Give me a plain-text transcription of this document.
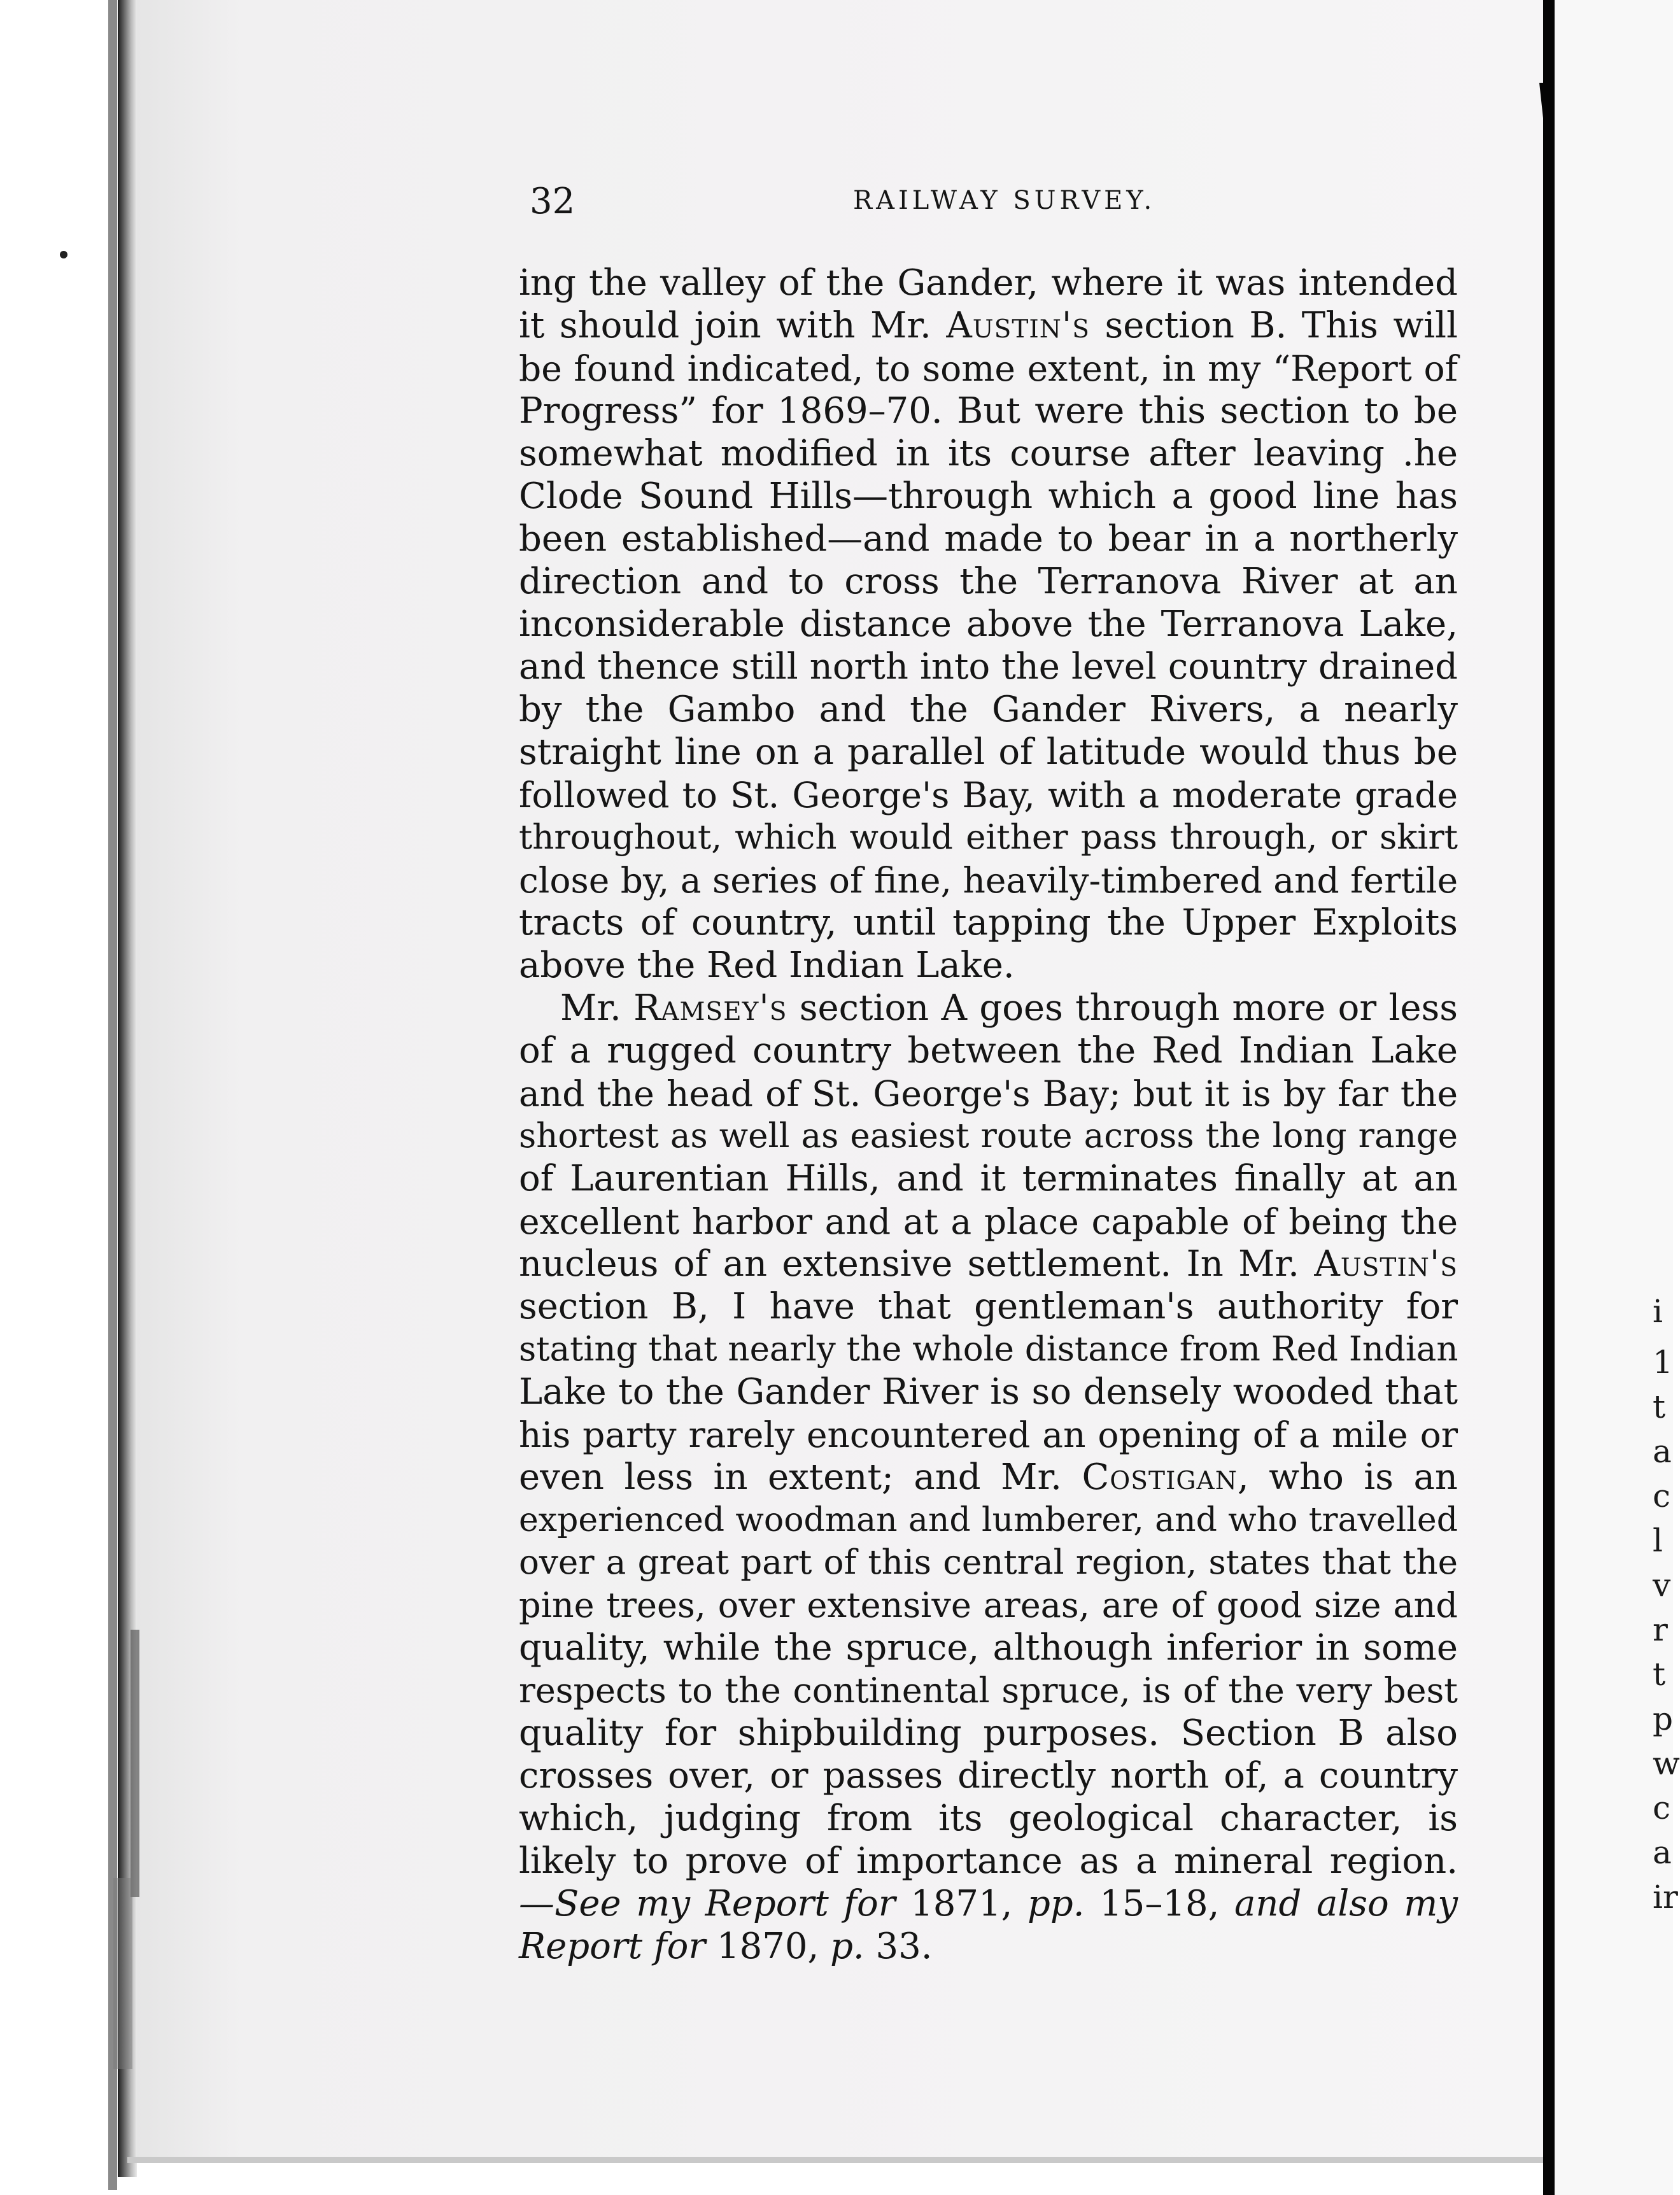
32	RAILWAY SURVEY.
ing the valley of the Gander, where it was intended
it should join with Mr. Austin's section B. This will
be found indicated, to some extent, in my “Report of
Progress” for 1869–70. But were this section to be
somewhat modified in its course after leaving .he
Clode Sound Hills—through which a good line has
been established—and made to bear in a northerly
direction and to cross the Terranova River at an
inconsiderable distance above the Terranova Lake,
and thence still north into the level country drained
by the Gambo and the Gander Rivers, a nearly
straight line on a parallel of latitude would thus be
followed to St. George's Bay, with a moderate grade
throughout, which would either pass through, or skirt
close by, a series of fine, heavily-timbered and fertile
tracts of country, until tapping the Upper Exploits
above the Red Indian Lake.
Mr. Ramsey's section A goes through more or less
of a rugged country between the Red Indian Lake
and the head of St. George's Bay; but it is by far the
shortest as well as easiest route across the long range
of Laurentian Hills, and it terminates finally at an
excellent harbor and at a place capable of being the
nucleus of an extensive settlement. In Mr. Austin's
section B, I have that gentleman's authority for
stating that nearly the whole distance from Red Indian
Lake to the Gander River is so densely wooded that
his party rarely encountered an opening of a mile or
even less in extent; and Mr. Costigan, who is an
experienced woodman and lumberer, and who travelled
over a great part of this central region, states that the
pine trees, over extensive areas, are of good size and
quality, while the spruce, although inferior in some
respects to the continental spruce, is of the very best
quality for shipbuilding purposes. Section B also
crosses over, or passes directly north of, a country
which, judging from its geological character, is
likely to prove of importance as a mineral region.
—See my Report for 1871, pp. 15–18, and also my
Report for 1870, p. 33.
i
1
t
a
c
l
v
r
t
p
w
c
a
ir
